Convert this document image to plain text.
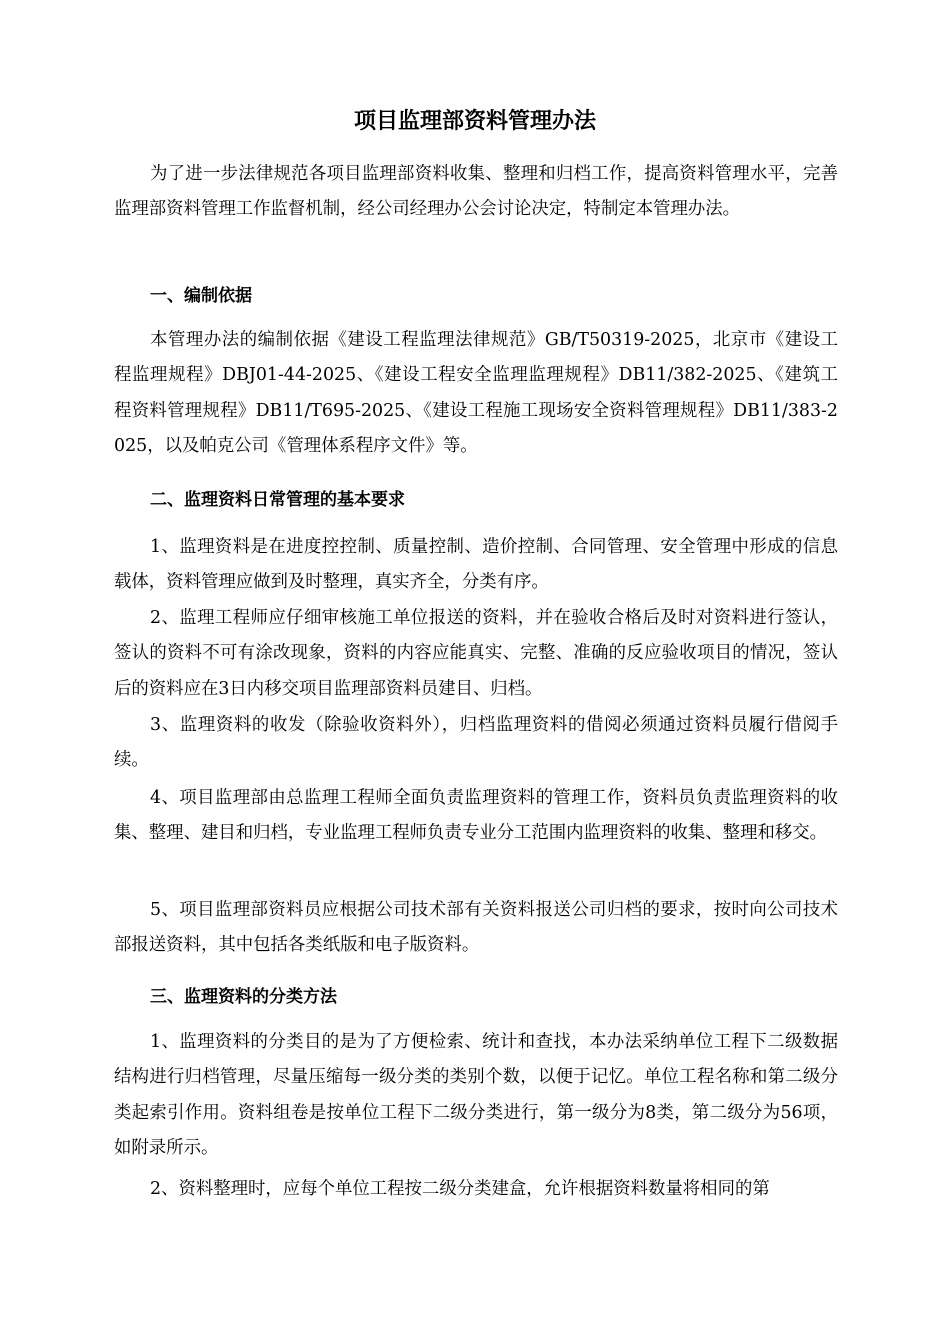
项目监理部资料管理办法
为了进一步法律规范各项目监理部资料收集、整理和归档工作，提高资料管理水平，完善监理部资料管理工作监督机制，经公司经理办公会讨论决定，特制定本管理办法。
一、编制依据
本管理办法的编制依据《建设工程监理法律规范》GB/T50319-2025，北京市《建设工程监理规程》DBJ01-44-2025、《建设工程安全监理监理规程》DB11/382-2025、《建筑工程资料管理规程》DB11/T695-2025、《建设工程施工现场安全资料管理规程》DB11/383-2025，以及帕克公司《管理体系程序文件》等。
二、监理资料日常管理的基本要求
1、监理资料是在进度控控制、质量控制、造价控制、合同管理、安全管理中形成的信息载体，资料管理应做到及时整理，真实齐全，分类有序。
2、监理工程师应仔细审核施工单位报送的资料，并在验收合格后及时对资料进行签认，签认的资料不可有涂改现象，资料的内容应能真实、完整、准确的反应验收项目的情况，签认后的资料应在3日内移交项目监理部资料员建目、归档。
3、监理资料的收发（除验收资料外），归档监理资料的借阅必须通过资料员履行借阅手续。
4、项目监理部由总监理工程师全面负责监理资料的管理工作，资料员负责监理资料的收集、整理、建目和归档，专业监理工程师负责专业分工范围内监理资料的收集、整理和移交。
5、项目监理部资料员应根据公司技术部有关资料报送公司归档的要求，按时向公司技术部报送资料，其中包括各类纸版和电子版资料。
三、监理资料的分类方法
1、监理资料的分类目的是为了方便检索、统计和查找，本办法采纳单位工程下二级数据结构进行归档管理，尽量压缩每一级分类的类别个数，以便于记忆。单位工程名称和第二级分类起索引作用。资料组卷是按单位工程下二级分类进行，第一级分为8类，第二级分为56项，如附录所示。
2、资料整理时，应每个单位工程按二级分类建盒，允许根据资料数量将相同的第
